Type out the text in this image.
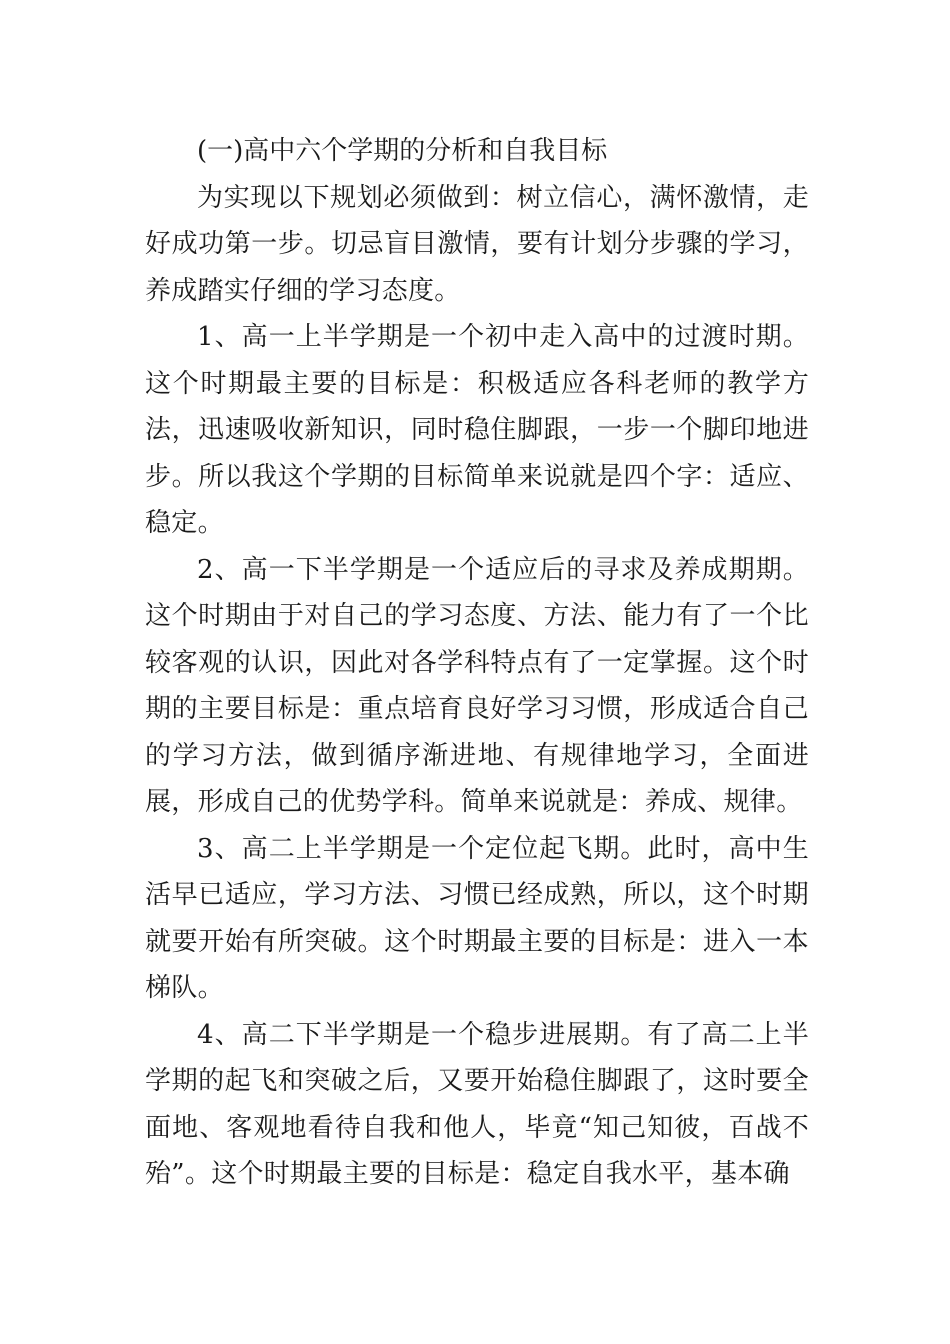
(一)高中六个学期的分析和自我目标

为实现以下规划必须做到：树立信心，满怀激情，走好成功第一步。切忌盲目激情，要有计划分步骤的学习，养成踏实仔细的学习态度。

1、高一上半学期是一个初中走入高中的过渡时期。这个时期最主要的目标是：积极适应各科老师的教学方法，迅速吸收新知识，同时稳住脚跟，一步一个脚印地进步。所以我这个学期的目标简单来说就是四个字：适应、稳定。

2、高一下半学期是一个适应后的寻求及养成期期。这个时期由于对自己的学习态度、方法、能力有了一个比较客观的认识，因此对各学科特点有了一定掌握。这个时期的主要目标是：重点培育良好学习习惯，形成适合自己的学习方法，做到循序渐进地、有规律地学习，全面进展，形成自己的优势学科。简单来说就是：养成、规律。

3、高二上半学期是一个定位起飞期。此时，高中生活早已适应，学习方法、习惯已经成熟，所以，这个时期就要开始有所突破。这个时期最主要的目标是：进入一本梯队。

4、高二下半学期是一个稳步进展期。有了高二上半学期的起飞和突破之后，又要开始稳住脚跟了，这时要全面地、客观地看待自我和他人，毕竟“知己知彼，百战不殆”。这个时期最主要的目标是：稳定自我水平，基本确
